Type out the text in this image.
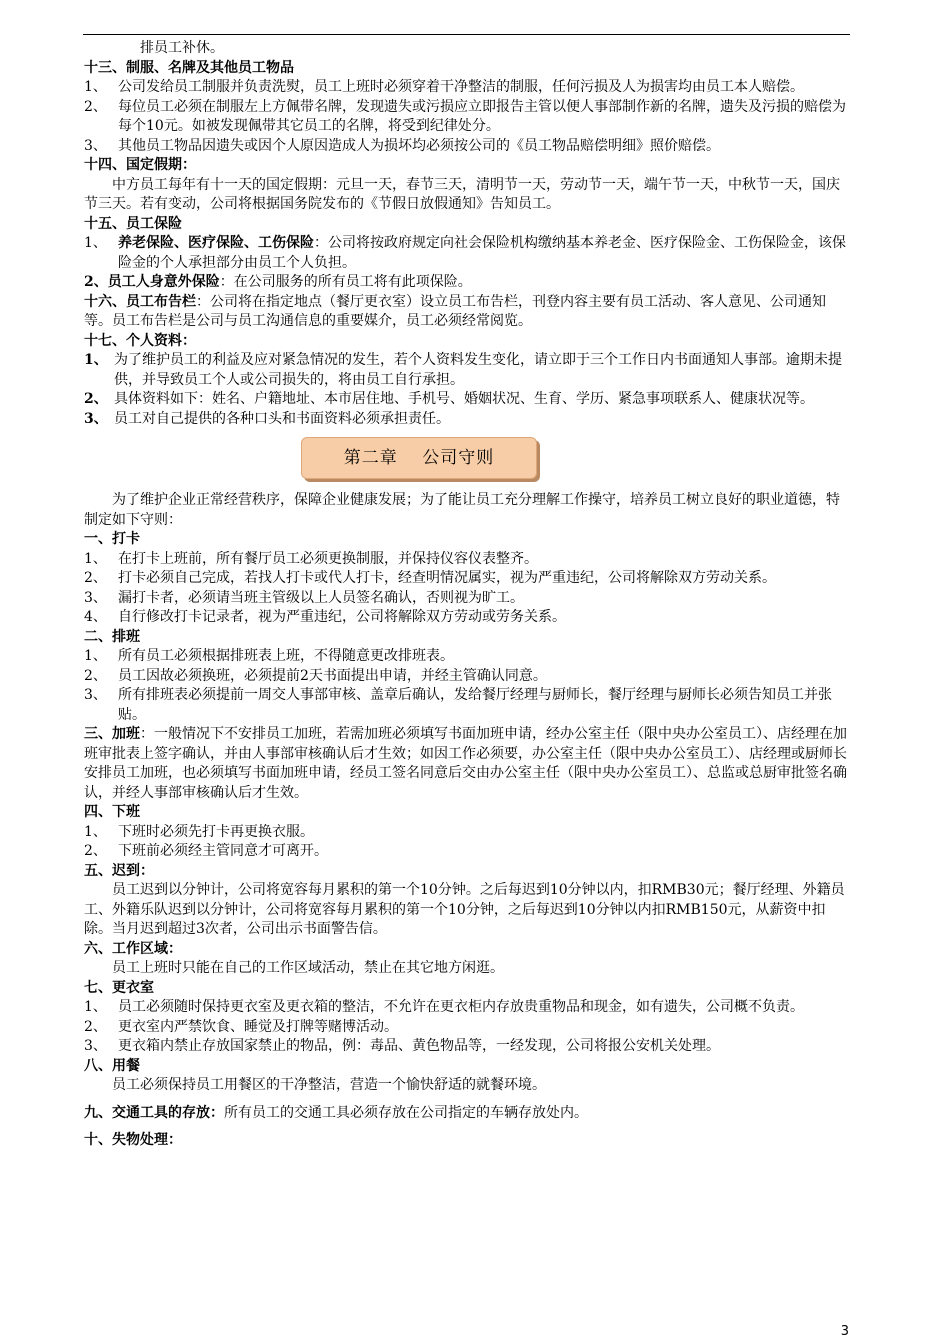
排员工补休。

十三、制服、名牌及其他员工物品

1、 公司发给员工制服并负责洗熨，员工上班时必须穿着干净整洁的制服，任何污损及人为损害均由员工本人赔偿。
2、 每位员工必须在制服左上方佩带名牌，发现遗失或污损应立即报告主管以便人事部制作新的名牌，遗失及污损的赔偿为每个10元。如被发现佩带其它员工的名牌，将受到纪律处分。
3、 其他员工物品因遗失或因个人原因造成人为损坏均必须按公司的《员工物品赔偿明细》照价赔偿。

十四、国定假期：

中方员工每年有十一天的国定假期：元旦一天，春节三天，清明节一天，劳动节一天，端午节一天，中秋节一天，国庆节三天。若有变动，公司将根据国务院发布的《节假日放假通知》告知员工。

十五、员工保险

1、 养老保险、医疗保险、工伤保险：公司将按政府规定向社会保险机构缴纳基本养老金、医疗保险金、工伤保险金，该保险金的个人承担部分由员工个人负担。

2、员工人身意外保险：在公司服务的所有员工将有此项保险。

十六、员工布告栏：公司将在指定地点（餐厅更衣室）设立员工布告栏，刊登内容主要有员工活动、客人意见、公司通知等。员工布告栏是公司与员工沟通信息的重要媒介，员工必须经常阅览。

十七、个人资料：

1、 为了维护员工的利益及应对紧急情况的发生，若个人资料发生变化，请立即于三个工作日内书面通知人事部。逾期未提供，并导致员工个人或公司损失的，将由员工自行承担。
2、 具体资料如下：姓名、户籍地址、本市居住地、手机号、婚姻状况、生育、学历、紧急事项联系人、健康状况等。
3、 员工对自己提供的各种口头和书面资料必须承担责任。
第二章　 公司守则

为了维护企业正常经营秩序，保障企业健康发展；为了能让员工充分理解工作操守，培养员工树立良好的职业道德，特制定如下守则：

一、打卡

1、 在打卡上班前，所有餐厅员工必须更换制服，并保持仪容仪表整齐。
2、 打卡必须自己完成，若找人打卡或代人打卡，经查明情况属实，视为严重违纪，公司将解除双方劳动关系。
3、 漏打卡者，必须请当班主管级以上人员签名确认，否则视为旷工。
4、 自行修改打卡记录者，视为严重违纪，公司将解除双方劳动或劳务关系。

二、排班

1、 所有员工必须根据排班表上班，不得随意更改排班表。
2、 员工因故必须换班，必须提前2天书面提出申请，并经主管确认同意。
3、 所有排班表必须提前一周交人事部审核、盖章后确认，发给餐厅经理与厨师长，餐厅经理与厨师长必须告知员工并张贴。

三、加班：一般情况下不安排员工加班，若需加班必须填写书面加班申请，经办公室主任（限中央办公室员工）、店经理在加班审批表上签字确认，并由人事部审核确认后才生效；如因工作必须要，办公室主任（限中央办公室员工）、店经理或厨师长安排员工加班，也必须填写书面加班申请，经员工签名同意后交由办公室主任（限中央办公室员工）、总监或总厨审批签名确认，并经人事部审核确认后才生效。

四、下班

1、 下班时必须先打卡再更换衣服。
2、 下班前必须经主管同意才可离开。

五、迟到：

员工迟到以分钟计，公司将宽容每月累积的第一个10分钟。之后每迟到10分钟以内，扣RMB30元；餐厅经理、外籍员工、外籍乐队迟到以分钟计，公司将宽容每月累积的第一个10分钟，之后每迟到10分钟以内扣RMB150元，从薪资中扣除。当月迟到超过3次者，公司出示书面警告信。

六、工作区域：

员工上班时只能在自己的工作区域活动，禁止在其它地方闲逛。

七、更衣室

1、 员工必须随时保持更衣室及更衣箱的整洁，不允许在更衣柜内存放贵重物品和现金，如有遗失，公司概不负责。
2、 更衣室内严禁饮食、睡觉及打牌等赌博活动。
3、 更衣箱内禁止存放国家禁止的物品，例：毒品、黄色物品等，一经发现，公司将报公安机关处理。

八、用餐

员工必须保持员工用餐区的干净整洁，营造一个愉快舒适的就餐环境。

九、交通工具的存放：所有员工的交通工具必须存放在公司指定的车辆存放处内。

十、失物处理：

3
